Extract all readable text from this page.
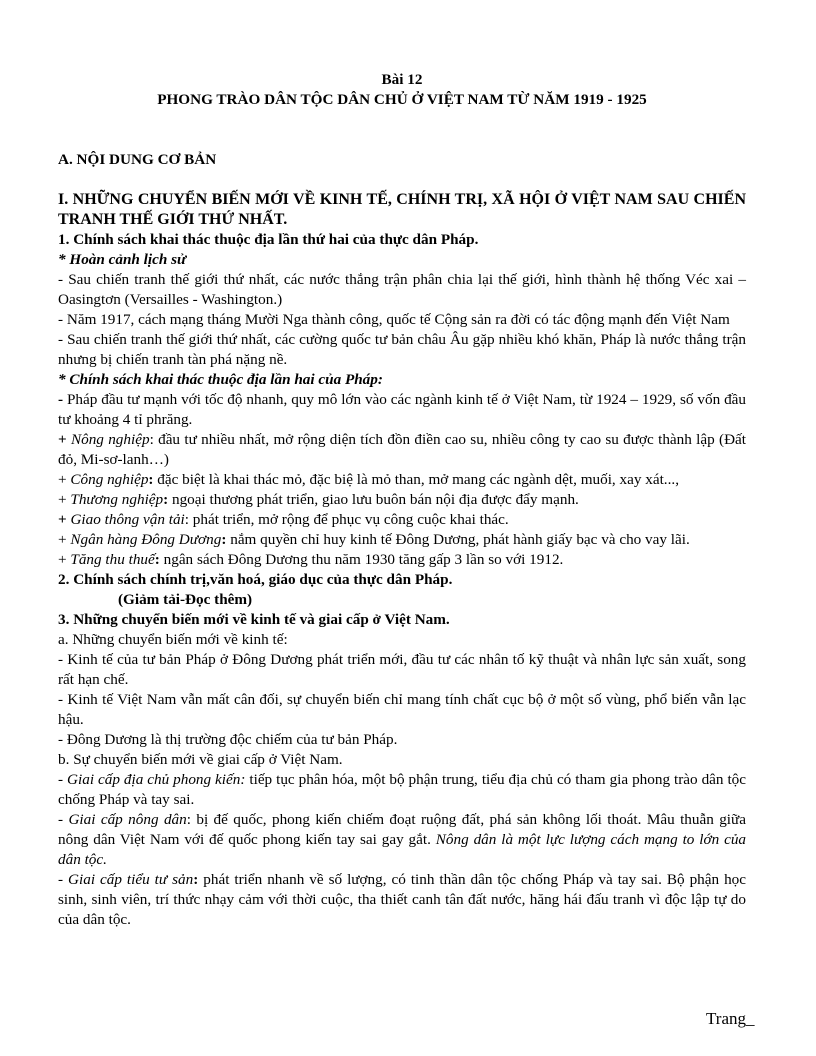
Bài 12
PHONG TRÀO DÂN TỘC DÂN CHỦ Ở VIỆT NAM TỪ NĂM 1919 - 1925
A. NỘI DUNG CƠ BẢN
I. NHỮNG CHUYỂN BIẾN MỚI VỀ KINH TẾ, CHÍNH TRỊ, XÃ HỘI Ở VIỆT NAM SAU CHIẾN TRANH THẾ GIỚI THỨ NHẤT.
1. Chính sách khai thác thuộc địa lần thứ hai của thực dân Pháp.
* Hoàn cảnh lịch sử
- Sau chiến tranh thế giới thứ nhất, các nước thắng trận phân chia lại thế giới, hình thành hệ thống Véc xai – Oasingtơn (Versailles - Washington.)
- Năm 1917, cách mạng tháng Mười Nga thành công, quốc tế Cộng sản ra đời có tác động mạnh đến Việt Nam
- Sau chiến tranh thế giới thứ nhất, các cường quốc tư bản châu Âu gặp nhiều khó khăn, Pháp là nước thắng trận nhưng bị chiến tranh tàn phá nặng nề.
* Chính sách khai thác thuộc địa lần hai của Pháp:
- Pháp đầu tư mạnh với tốc độ nhanh, quy mô lớn vào các ngành kinh tế ở Việt Nam, từ 1924 – 1929, số vốn đầu tư khoảng 4 tỉ phrăng.
+ Nông nghiệp: đầu tư nhiều nhất, mở rộng diện tích đồn điền cao su, nhiều công ty cao su được thành lập (Đất đỏ, Mi-sơ-lanh…)
+ Công nghiệp: đặc biệt là khai thác mỏ, đặc biệ là mỏ than, mở mang các ngành dệt, muối, xay xát...,
+ Thương nghiệp: ngoại thương phát triển, giao lưu buôn bán nội địa được đẩy mạnh.
+ Giao thông vận tải: phát triển, mở rộng để phục vụ công cuộc khai thác.
+ Ngân hàng Đông Dương: nắm quyền chỉ huy kinh tế Đông Dương, phát hành giấy bạc và cho vay lãi.
+ Tăng thu thuế: ngân sách Đông Dương thu năm 1930 tăng gấp 3 lần so với 1912.
2. Chính sách chính trị,văn hoá, giáo dục của thực dân Pháp.
(Giảm tải-Đọc thêm)
3. Những chuyển biến mới về kinh tế và giai cấp ở Việt Nam.
a. Những chuyển biến mới về kinh tế:
- Kinh tế của tư bản Pháp ở Đông Dương phát triển mới, đầu tư các nhân tố kỹ thuật và nhân lực sản xuất, song rất hạn chế.
- Kinh tế Việt Nam vẫn mất cân đối, sự chuyển biến chỉ mang tính chất cục bộ ở một số vùng, phổ biến vẫn lạc hậu.
- Đông Dương là thị trường độc chiếm của tư bản Pháp.
b. Sự chuyển biến mới về giai cấp ở Việt Nam.
- Giai cấp địa chủ phong kiến: tiếp tục phân hóa, một bộ phận trung, tiểu địa chủ có tham gia phong trào dân tộc chống Pháp và tay sai.
- Giai cấp nông dân: bị đế quốc, phong kiến chiếm đoạt ruộng đất, phá sản không lối thoát. Mâu thuẫn giữa nông dân Việt Nam với đế quốc phong kiến tay sai gay gắt. Nông dân là một lực lượng cách mạng to lớn của dân tộc.
- Giai cấp tiểu tư sản: phát triển nhanh về số lượng, có tinh thần dân tộc chống Pháp và tay sai. Bộ phận học sinh, sinh viên, trí thức nhạy cảm với thời cuộc, tha thiết canh tân đất nước, hăng hái đấu tranh vì độc lập tự do của dân tộc.
Trang_
